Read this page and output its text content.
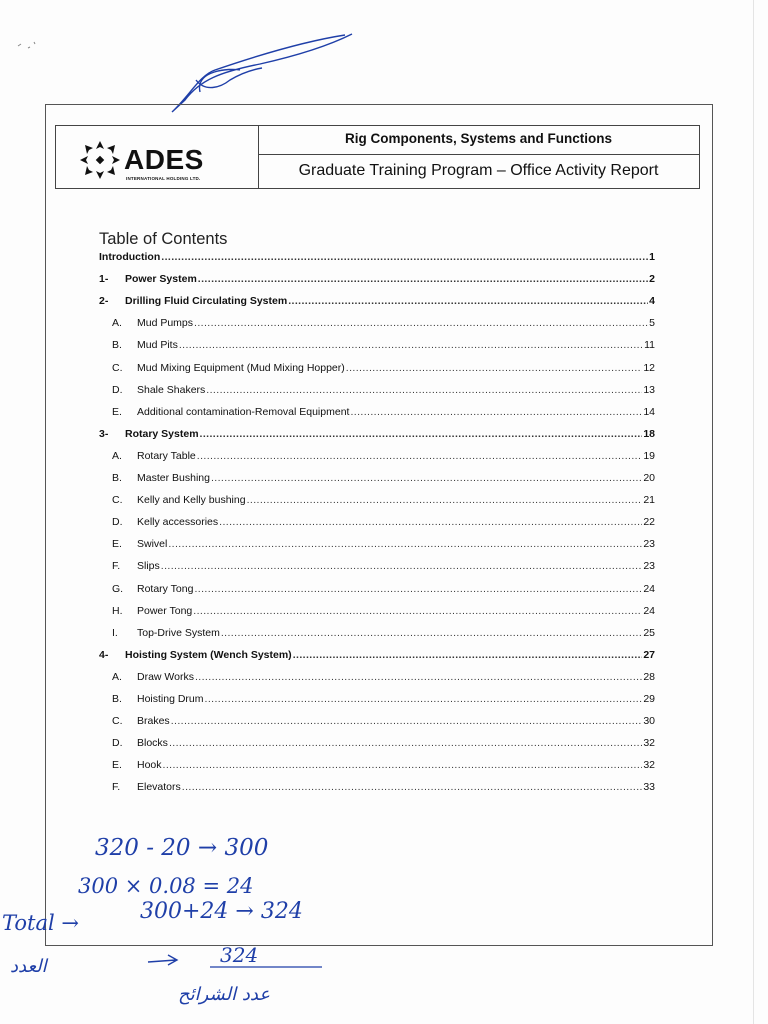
ADES
INTERNATIONAL HOLDING LTD.
Rig Components, Systems and Functions
Graduate Training Program – Office Activity Report
Table of Contents
Introduction .....	1
1-	Power System .....	2
2-	Drilling Fluid Circulating System .....	4
A.	Mud Pumps .....	5
B.	Mud Pits .....	11
C.	Mud Mixing Equipment (Mud Mixing Hopper) .....	12
D.	Shale Shakers .....	13
E.	Additional contamination-Removal Equipment .....	14
3-	Rotary System .....	18
A.	Rotary Table .....	19
B.	Master Bushing .....	20
C.	Kelly and Kelly bushing .....	21
D.	Kelly accessories .....	22
E.	Swivel .....	23
F.	Slips .....	23
G.	Rotary Tong .....	24
H.	Power Tong .....	24
I.	Top-Drive System .....	25
4-	Hoisting System (Wench System) .....	27
A.	Draw Works .....	28
B.	Hoisting Drum .....	29
C.	Brakes .....	30
D.	Blocks .....	32
E.	Hook .....	32
F.	Elevators .....	33
320 - 20 → 300
300 × 0.08 = 24
Total →	300+24 → 324
العدد	324
عدد الشرائح
